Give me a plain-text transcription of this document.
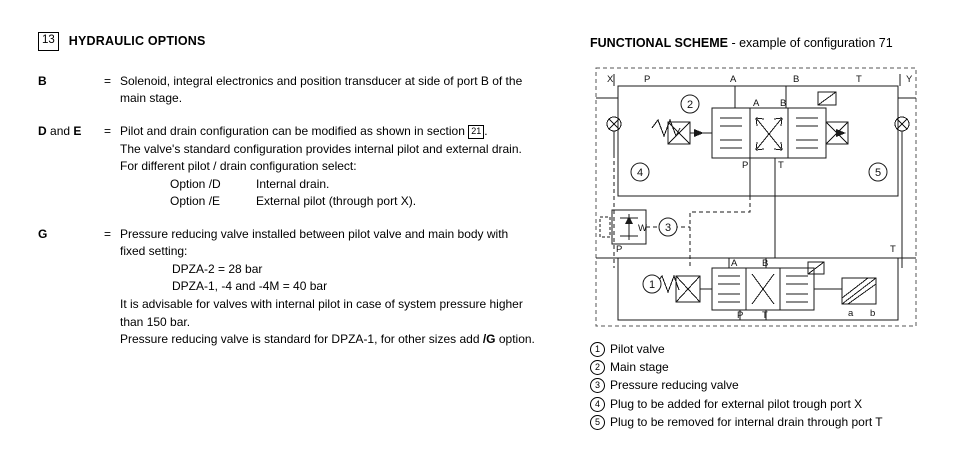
13	HYDRAULIC OPTIONS
B	= Solenoid, integral electronics and position transducer at side of port B of the

main stage.

D and E	= Pilot and drain configuration can be modified as shown in section 21 .

The valve's standard configuration provides internal pilot and external drain.

For different pilot / drain configuration select:

Option /D	Internal drain.

Option /E	External pilot (through port X).

G	= Pressure reducing valve installed between pilot valve and main body with

fixed setting:

DPZA-2 = 28 bar

DPZA-1, -4 and -4M = 40 bar

It is advisable for valves with internal pilot in case of system pressure higher

than 150 bar.

Pressure reducing valve is standard for DPZA-1, for other sizes add /G option.

FUNCTIONAL SCHEME - example of configuration 71
2
4	5
3
1
X	P	A	B	T	Y
A B
P	T
A	B
P T	a b
P	T
W
1 Pilot valve
2 Main stage
3 Pressure reducing valve
4 Plug to be added for external pilot trough port X
5 Plug to be removed for internal drain through port T
